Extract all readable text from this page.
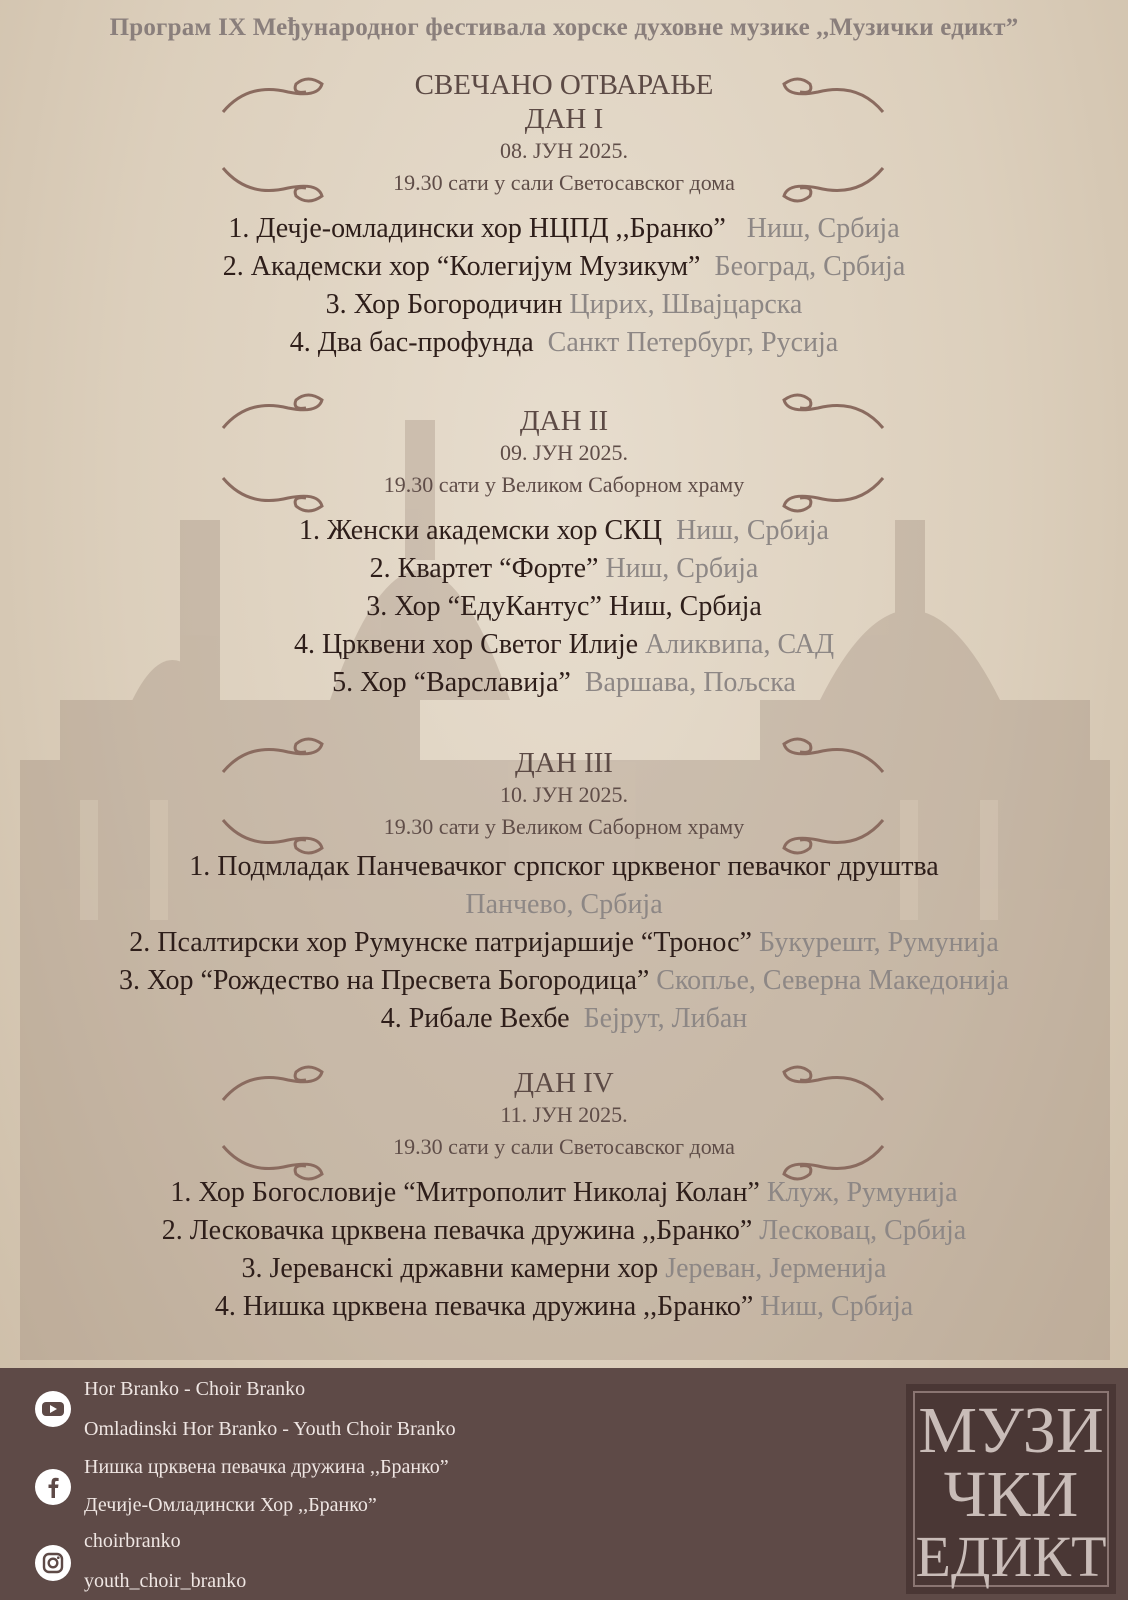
Програм IX Међународног фестивала хорске духовне музике ,,Музички едикт”
СВЕЧАНО ОТВАРАЊЕ
ДАН I
08. ЈУН 2025.
19.30 сати у сали Светосавског дома
1. Дечје-омладински хор НЦПД ,,Бранко” Ниш, Србија
2. Академски хор “Колегијум Музикум” Београд, Србија
3. Хор Богородичин Цирих, Швајцарска
4. Два бас-профунда Санкт Петербург, Русија
ДАН II
09. ЈУН 2025.
19.30 сати у Великом Саборном храму
1. Женски академски хор СКЦ Ниш, Србија
2. Квартет “Форте” Ниш, Србија
3. Хор “ЕдуКантус” Ниш, Србија
4. Црквени хор Светог Илије Аликвипа, САД
5. Хор “Варславија” Варшава, Пољска
ДАН III
10. ЈУН 2025.
19.30 сати у Великом Саборном храму
1. Подмладак Панчевачког српског црквеног певачког друштва
Панчево, Србија
2. Псалтирски хор Румунске патријаршије “Тронос” Букурешт, Румунија
3. Хор “Рождество на Пресвета Богородица” Скопље, Северна Македонија
4. Рибале Вехбе Бејрут, Либан
ДАН IV
11. ЈУН 2025.
19.30 сати у сали Светосавског дома
1. Хор Богословије “Митрополит Николај Колан” Клуж, Румунија
2. Лесковачка црквена певачка дружина ,,Бранко” Лесковац, Србија
3. Јереванскi државни камерни хор Јереван, Јерменија
4. Нишка црквена певачка дружина ,,Бранко” Ниш, Србија
Hor Branko - Choir Branko
Omladinski Hor Branko - Youth Choir Branko
Нишка црквена певачка дружина ,,Бранко”
Дечије-Омладински Хор ,,Бранко”
choirbranko
youth_choir_branko
МУЗИ
ЧКИ
ЕДИКТ
